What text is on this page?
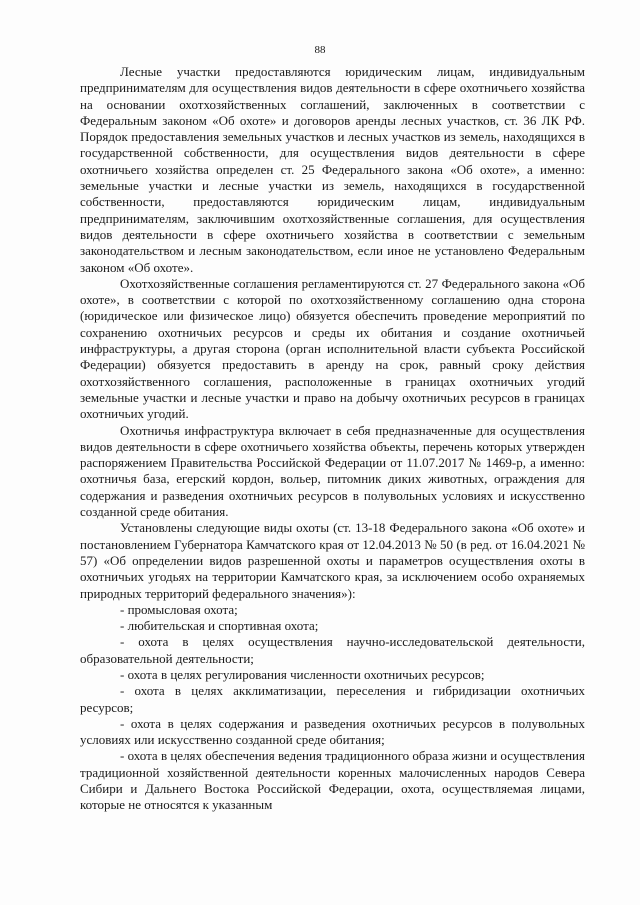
88

Лесные участки предоставляются юридическим лицам, индивидуальным предпринимателям для осуществления видов деятельности в сфере охотничьего хозяйства на основании охотхозяйственных соглашений, заключенных в соответствии с Федеральным законом «Об охоте» и договоров аренды лесных участков, ст. 36 ЛК РФ. Порядок предоставления земельных участков и лесных участков из земель, находящихся в государственной собственности, для осуществления видов деятельности в сфере охотничьего хозяйства определен ст. 25 Федерального закона «Об охоте», а именно: земельные участки и лесные участки из земель, находящихся в государственной собственности, предоставляются юридическим лицам, индивидуальным предпринимателям, заключившим охотхозяйственные соглашения, для осуществления видов деятельности в сфере охотничьего хозяйства в соответствии с земельным законодательством и лесным законодательством, если иное не установлено Федеральным законом «Об охоте».

Охотхозяйственные соглашения регламентируются ст. 27 Федерального закона «Об охоте», в соответствии с которой по охотхозяйственному соглашению одна сторона (юридическое или физическое лицо) обязуется обеспечить проведение мероприятий по сохранению охотничьих ресурсов и среды их обитания и создание охотничьей инфраструктуры, а другая сторона (орган исполнительной власти субъекта Российской Федерации) обязуется предоставить в аренду на срок, равный сроку действия охотхозяйственного соглашения, расположенные в границах охотничьих угодий земельные участки и лесные участки и право на добычу охотничьих ресурсов в границах охотничьих угодий.

Охотничья инфраструктура включает в себя предназначенные для осуществления видов деятельности в сфере охотничьего хозяйства объекты, перечень которых утвержден распоряжением Правительства Российской Федерации от 11.07.2017 № 1469-р, а именно: охотничья база, егерский кордон, вольер, питомник диких животных, ограждения для содержания и разведения охотничьих ресурсов в полувольных условиях и искусственно созданной среде обитания.

Установлены следующие виды охоты (ст. 13-18 Федерального закона «Об охоте» и постановлением Губернатора Камчатского края от 12.04.2013 № 50 (в ред. от 16.04.2021 № 57) «Об определении видов разрешенной охоты и параметров осуществления охоты в охотничьих угодьях на территории Камчатского края, за исключением особо охраняемых природных территорий федерального значения»):

- промысловая охота;
- любительская и спортивная охота;
- охота в целях осуществления научно-исследовательской деятельности, образовательной деятельности;
- охота в целях регулирования численности охотничьих ресурсов;
- охота в целях акклиматизации, переселения и гибридизации охотничьих ресурсов;
- охота в целях содержания и разведения охотничьих ресурсов в полувольных условиях или искусственно созданной среде обитания;
- охота в целях обеспечения ведения традиционного образа жизни и осуществления традиционной хозяйственной деятельности коренных малочисленных народов Севера Сибири и Дальнего Востока Российской Федерации, охота, осуществляемая лицами, которые не относятся к указанным
